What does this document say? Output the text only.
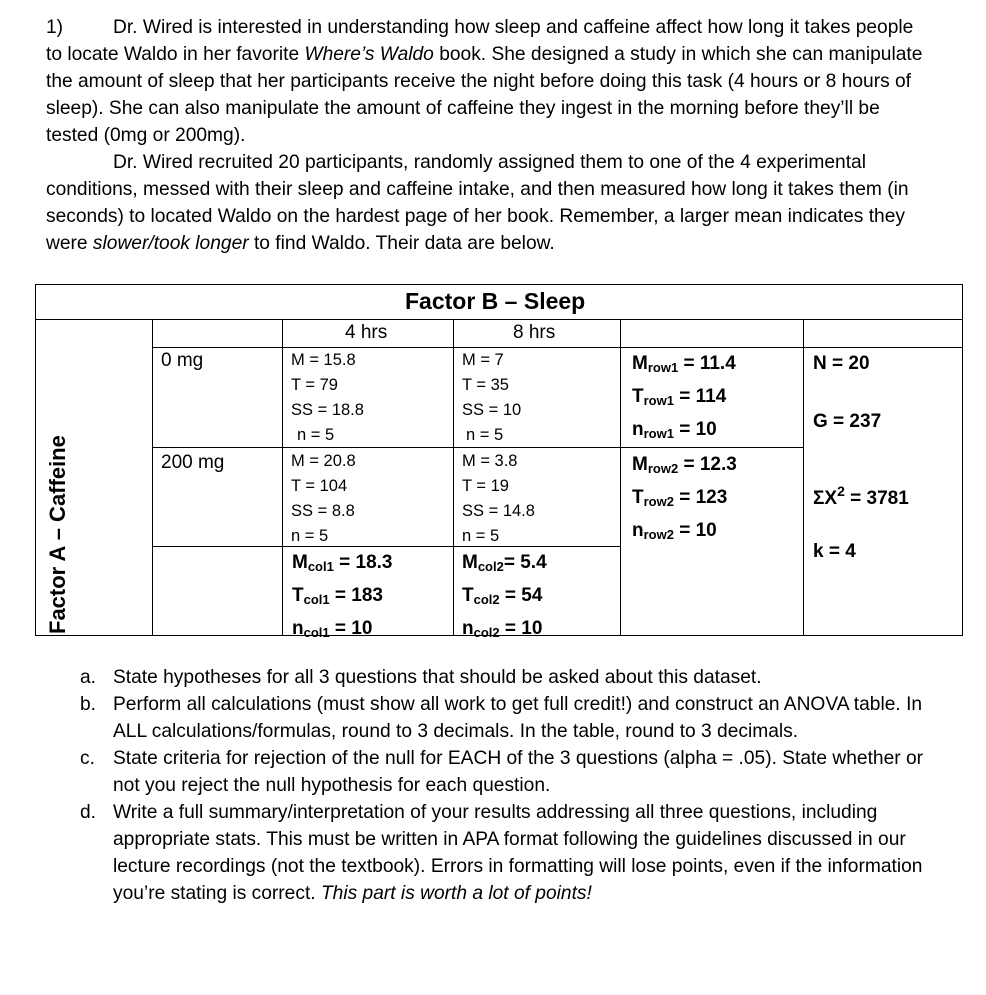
1)	Dr. Wired is interested in understanding how sleep and caffeine affect how long it takes people to locate Waldo in her favorite Where’s Waldo book. She designed a study in which she can manipulate the amount of sleep that her participants receive the night before doing this task (4 hours or 8 hours of sleep). She can also manipulate the amount of caffeine they ingest in the morning before they’ll be tested (0mg or 200mg).

Dr. Wired recruited 20 participants, randomly assigned them to one of the 4 experimental conditions, messed with their sleep and caffeine intake, and then measured how long it takes them (in seconds) to located Waldo on the hardest page of her book. Remember, a larger mean indicates they were slower/took longer to find Waldo. Their data are below.

Factor B – Sleep
4 hrs	8 hrs
0 mg
200 mg
M = 15.8
T = 79
SS = 18.8
n = 5
M = 7
T = 35
SS = 10
n = 5
M = 20.8
T = 104
SS = 8.8
n = 5
M = 3.8
T = 19
SS = 14.8
n = 5
$M_{row1} = 11.4$
$T_{row1} = 114$
$n_{row1} = 10$
$M_{row2} = 12.3$
$T_{row2} = 123$
$n_{row2} = 10$
$M_{col1} = 18.3$
$T_{col1} = 183$
$n_{col1} = 10$
$M_{col2}= 5.4$
$T_{col2} = 54$
$n_{col2} = 10$
N = 20
G = 237
$\Sigma X^2 = 3781$
k = 4
Factor A – Caffeine
a. State hypotheses for all 3 questions that should be asked about this dataset.
b. Perform all calculations (must show all work to get full credit!) and construct an ANOVA table. In ALL calculations/formulas, round to 3 decimals. In the table, round to 3 decimals.
c. State criteria for rejection of the null for EACH of the 3 questions (alpha = .05). State whether or not you reject the null hypothesis for each question.
d. Write a full summary/interpretation of your results addressing all three questions, including appropriate stats. This must be written in APA format following the guidelines discussed in our lecture recordings (not the textbook). Errors in formatting will lose points, even if the information you’re stating is correct. This part is worth a lot of points!
